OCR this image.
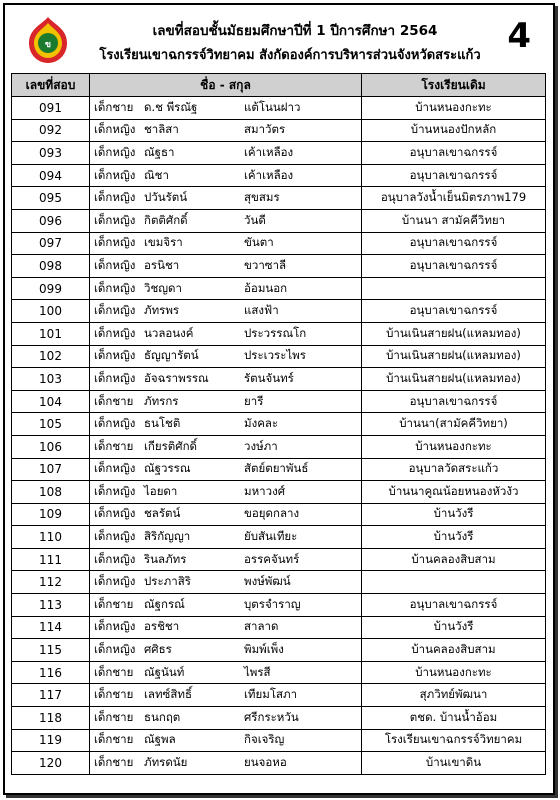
ข
เลขที่สอบชั้นมัธยมศึกษาปีที่ 1 ปีการศึกษา 2564
โรงเรียนเขาฉกรรจ์วิทยาคม สังกัดองค์การบริหารส่วนจังหวัดสระแก้ว 4
เลขที่สอบ	ชื่อ - สกุล	โรงเรียนเดิม
091	เด็กชาย ด.ช พีรณัฐ แต้โนนฝาว	บ้านหนองกะทะ
092	เด็กหญิง ชาลิสา สมาวัตร	บ้านหนองปักหลัก
093	เด็กหญิง ณัฐธา เค้าเหลือง	อนุบาลเขาฉกรรจ์
094	เด็กหญิง ณิชา เค้าเหลือง	อนุบาลเขาฉกรรจ์
095	เด็กหญิง ปวันรัตน์ สุขสมร	อนุบาลวังน้ำเย็นมิตรภาพ179
096	เด็กหญิง กิตติศักดิ์ วันดี	บ้านนา สามัคคีวิทยา
097	เด็กหญิง เขมจิรา ขันตา	อนุบาลเขาฉกรรจ์
098	เด็กหญิง อรนิชา ขวาซาลี	อนุบาลเขาฉกรรจ์
099	เด็กหญิง วิชญดา อ้อมนอก	
100	เด็กหญิง ภัทรพร แสงฟ้า	อนุบาลเขาฉกรรจ์
101	เด็กหญิง นวลอนงค์ ประวรรณโก	บ้านเนินสายฝน(แหลมทอง)
102	เด็กหญิง ธัญญารัตน์ ประเวระไพร	บ้านเนินสายฝน(แหลมทอง)
103	เด็กหญิง อัจฉราพรรณ รัตนจันทร์	บ้านเนินสายฝน(แหลมทอง)
104	เด็กชาย ภัทรกร ยารี	อนุบาลเขาฉกรรจ์
105	เด็กหญิง ธนโชติ มังคละ	บ้านนา(สามัคคีวิทยา)
106	เด็กชาย เกียรติศักดิ์ วงษ์ภา	บ้านหนองกะทะ
107	เด็กหญิง ณัฐวรรณ สัตย์ตยาพันธ์	อนุบาลวัดสระแก้ว
108	เด็กหญิง ไอยดา มหาวงศ์	บ้านนาคูณน้อยหนองหัวงัว
109	เด็กหญิง ชลรัตน์ ขอยุดกลาง	บ้านวังรี
110	เด็กหญิง สิริกัญญา ยับสันเทียะ	บ้านวังรี
111	เด็กหญิง รินลภัทร อรรคจันทร์	บ้านคลองสิบสาม
112	เด็กหญิง ประภาสิริ พงษ์พัฒน์	
113	เด็กชาย ณัฐกรณ์ บุตรจำราญ	อนุบาลเขาฉกรรจ์
114	เด็กหญิง อรชิชา สาลาด	บ้านวังรี
115	เด็กหญิง ศศิธร พิมพ์เพ็ง	บ้านคลองสิบสาม
116	เด็กชาย ณัฐนันท์ ไพรสี	บ้านหนองกะทะ
117	เด็กชาย เลทซ์สิทธิ์ เทียมโสภา	สุภวิทย์พัฒนา
118	เด็กชาย ธนกฤต ศรีกระหวัน	ตชด. บ้านน้ำอ้อม
119	เด็กชาย ณัฐพล กิจเจริญ	โรงเรียนเขาฉกรรจ์วิทยาคม
120	เด็กชาย ภัทรดนัย ยนจอหอ	บ้านเขาดิน
